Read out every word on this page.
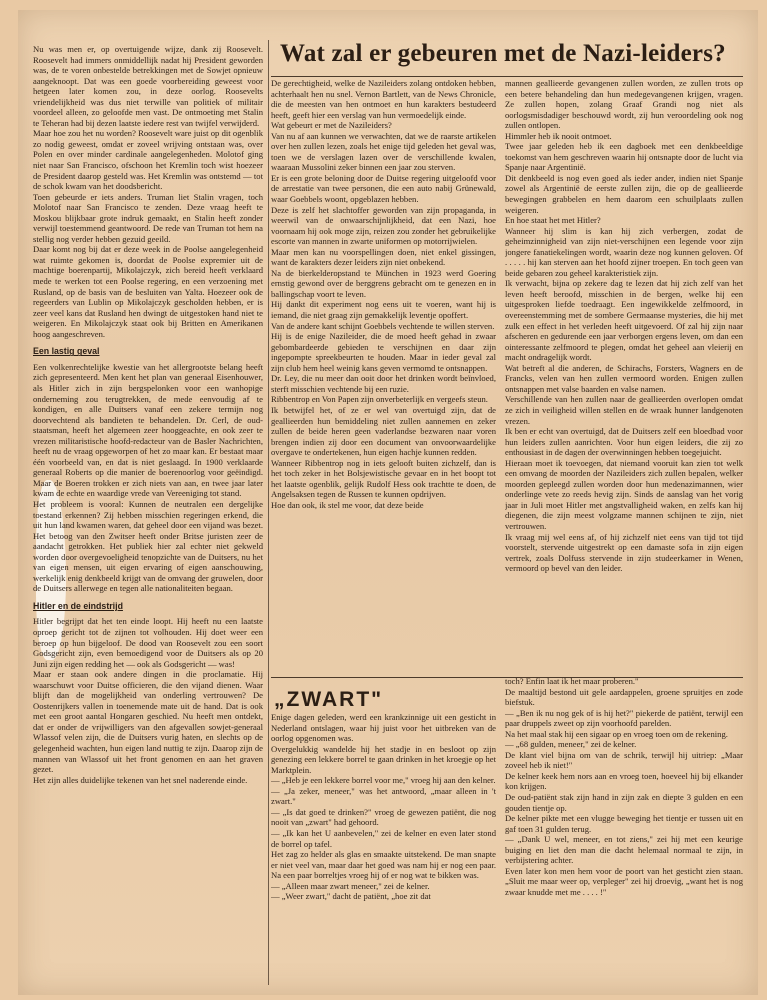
Nu was men er, op overtuigende wijze, dank zij Roosevelt. Roosevelt had immers onmiddellijk nadat hij President geworden was, de te voren onbestelde betrekkingen met de Sowjet opnieuw aangeknoopt. Dat was een goede voorbereiding geweest voor hetgeen later komen zou, in deze oorlog. Roosevelts vriendelijkheid was dus niet terwille van politiek of militair voordeel alleen, zo geloofde men vast. De ontmoeting met Stalin te Teheran had bij dezen laatste iedere rest van twijfel verwijderd.

Maar hoe zou het nu worden? Roosevelt ware juist op dit ogenblik zo nodig geweest, omdat er zoveel wrijving ontstaan was, over Polen en over minder cardinale aangelegenheden. Molotof ging niet naar San Francisco, ofschoon het Kremlin toch wist hoezeer de President daarop gesteld was. Het Kremlin was ontstemd — tot de schok kwam van het doodsbericht.

Toen gebeurde er iets anders. Truman liet Stalin vragen, toch Molotof naar San Francisco te zenden. Deze vraag heeft te Moskou blijkbaar grote indruk gemaakt, en Stalin heeft zonder verwijl toestemmend geantwoord. De rede van Truman tot hem na stellig nog verder hebben gezuid geeild.

Daar komt nog bij dat er deze week in de Poolse aangelegenheid wat ruimte gekomen is, doordat de Poolse expremier uit de machtige boerenpartij, Mikolajczyk, zich bereid heeft verklaard mede te werken tot een Poolse regering, en een verzoening met Rusland, op de basis van de besluiten van Yalta. Hoezeer ook de regeerders van Lublin op Mikolajczyk gescholden hebben, er is zeer veel kans dat Rusland hen dwingt de uitgestoken hand niet te weigeren. En Mikolajczyk staat ook bij Britten en Amerikanen hoog aangeschreven.

Een lastig geval

Een volkenrechtelijke kwestie van het allergrootste belang heeft zich gepresenteerd. Men kent het plan van generaal Eisenhouwer, als Hitler zich in zijn bergspelonken voor een wanhopige onderneming zou terugtrekken, de mede eenvoudig af te kondigen, en alle Duitsers vanaf een zekere termijn nog doorvechtend als bandieten te behandelen. Dr. Cerl, de oud-staatsman, heeft het algemeen zeer hooggeachte, en ook zeer te vrezen militaristische hoofd-redacteur van de Basler Nachrichten, heeft nu de vraag opgeworpen of het zo maar kan. Er bestaat maar één voorbeeld van, en dat is niet geslaagd. In 1900 verklaarde generaal Roberts op die manier de boerenoorlog voor geëindigd. Maar de Boeren trokken er zich niets van aan, en twee jaar later kwam de echte en waardige vrede van Vereeniging tot stand.

Het probleem is vooral: Kunnen de neutralen een dergelijke toestand erkennen? Zij hebben misschien regeringen erkend, die uit hun land kwamen waren, dat geheel door een vijand was bezet. Het betoog van den Zwitser heeft onder Britse juristen zeer de aandacht getrokken. Het publiek hier zal echter niet gekweld worden door overgevoeligheid tenopzichte van de Duitsers, nu het van eigen mensen, uit eigen ervaring of eigen aanschouwing, werkelijk enig denkbeeld krijgt van de omvang der gruwelen, door de Duitsers allerwege en tegen alle nationaliteiten begaan.

Hitler en de eindstrijd

Hitler begrijpt dat het ten einde loopt. Hij heeft nu een laatste oproep gericht tot de zijnen tot volhouden. Hij doet weer een beroep op hun bijgeloof. De dood van Roosevelt zou een soort Godsgericht zijn, even bemoedigend voor de Duitsers als op 20 Juni zijn eigen redding het — ook als Godsgericht — was!

Maar er staan ook andere dingen in die proclamatie. Hij waarschuwt voor Duitse officieren, die den vijand dienen. Waar blijft dan de mogelijkheid van onderling vertrouwen? De Oostenrijkers vallen in toenemende mate uit de hand. Dat is ook met een groot aantal Hongaren geschied. Nu heeft men ontdekt, dat er onder de vrijwilligers van den afgevallen sowjet-generaal Wlassof velen zijn, die de Duitsers vurig haten, en slechts op de gelegenheid wachten, hun eigen land nuttig te zijn. Daarop zijn de mannen van Wlassof uit het front genomen en aan het graven gezet.

Het zijn alles duidelijke tekenen van het snel naderende einde.

Wat zal er gebeuren met de Nazi-leiders?

De gerechtigheid, welke de Nazileiders zolang ontdoken hebben, achterhaalt hen nu snel. Vernon Bartlett, van de News Chronicle, die de meesten van hen ontmoet en hun karakters bestudeerd heeft, geeft hier een verslag van hun vermoedelijk einde.

Wat gebeurt er met de Nazileiders?

Van nu af aan kunnen we verwachten, dat we de raarste artikelen over hen zullen lezen, zoals het enige tijd geleden het geval was, toen we de verslagen lazen over de verschillende kwalen, waaraan Mussolini zeker binnen een jaar zou sterven.

Er is een grote beloning door de Duitse regering uitgeloofd voor de arrestatie van twee personen, die een auto nabij Grünewald, waar Goebbels woont, opgeblazen hebben.

Deze is zelf het slachtoffer geworden van zijn propaganda, in weerwil van de onwaarschijnlijkheid, dat een Nazi, hoe voornaam hij ook moge zijn, reizen zou zonder het gebruikelijke escorte van mannen in zwarte uniformen op motorrijwielen.

Maar men kan nu voorspellingen doen, niet enkel gissingen, want de karakters dezer leiders zijn niet onbekend.

Na de bierkelderopstand te München in 1923 werd Goering ernstig gewond over de berggrens gebracht om te genezen en in ballingschap voort te leven.

Hij dankt dit experiment nog eens uit te voeren, want hij is iemand, die niet graag zijn gemakkelijk leventje opoffert.

Van de andere kant schijnt Goebbels vechtende te willen sterven.

Hij is de enige Nazileider, die de moed heeft gehad in zwaar gebombardeerde gebieden te verschijnen en daar zijn ingepompte spreekbeurten te houden. Maar in ieder geval zal zijn club hem heel weinig kans geven vermomd te ontsnappen.

Dr. Ley, die nu meer dan ooit door het drinken wordt beïnvloed, sterft misschien vechtende bij een ruzie.

Ribbentrop en Von Papen zijn onverbeterlijk en vergeefs steun.

Ik betwijfel het, of ze er wel van overtuigd zijn, dat de geallieerden hun bemiddeling niet zullen aannemen en zeker zullen de beide heren geen vaderlandse bezwaren naar voren brengen indien zij door een document van onvoorwaardelijke overgave te ondertekenen, hun eigen hachje kunnen redden.

Wanneer Ribbentrop nog in iets gelooft buiten zichzelf, dan is het toch zeker in het Bolsjewistische gevaar en in het boopt tot het laatste ogenblik, gelijk Rudolf Hess ook trachtte te doen, de Angelsaksen tegen de Russen te kunnen opdrijven.

Hoe dan ook, ik stel me voor, dat deze beide

mannen geallieerde gevangenen zullen worden, ze zullen trots op een betere behandeling dan hun medegevangenen krijgen, vragen. Ze zullen hopen, zolang Graaf Grandi nog niet als oorlogsmisdadiger beschouwd wordt, zij hun veroordeling ook nog zullen ontlopen.

Himmler heb ik nooit ontmoet.

Twee jaar geleden heb ik een dagboek met een denkbeeldige toekomst van hem geschreven waarin hij ontsnapte door de lucht via Spanje naar Argentinië.

Dit denkbeeld is nog even goed als ieder ander, indien niet Spanje zowel als Argentinië de eerste zullen zijn, die op de geallieerde bewegingen grabbelen en hem daarom een schuilplaats zullen weigeren.

En hoe staat het met Hitler?

Wanneer hij slim is kan hij zich verbergen, zodat de geheimzinnigheid van zijn niet-verschijnen een legende voor zijn jongere fanatiekelingen wordt, waarin deze nog kunnen geloven. Of . . . . . hij kan sterven aan het hoofd zijner troepen. En toch geen van beide gebaren zou geheel karakteristiek zijn.

Ik verwacht, bijna op zekere dag te lezen dat hij zich zelf van het leven heeft beroofd, misschien in de bergen, welke hij een uitgesproken liefde toedraagt. Een ingewikkelde zelfmoord, in overeenstemming met de sombere Germaanse mysteries, die hij met zulk een effect in het verleden heeft uitgevoerd. Of zal hij zijn naar afscheren en gedurende een jaar verborgen ergens leven, om dan een ointeressante zelfmoord te plegen, omdat het geheel aan vleierij en macht ondragelijk wordt.

Wat betreft al die anderen, de Schirachs, Forsters, Wagners en de Francks, velen van hen zullen vermoord worden. Enigen zullen ontsnappen met valse baarden en valse namen.

Verschillende van hen zullen naar de geallieerden overlopen omdat ze zich in veiligheid willen stellen en de wraak hunner landgenoten vrezen.

Ik ben er echt van overtuigd, dat de Duitsers zelf een bloedbad voor hun leiders zullen aanrichten. Voor hun eigen leiders, die zij zo enthousiast in de dagen der overwinningen hebben toegejuicht.

Hieraan moet ik toevoegen, dat niemand vooruit kan zien tot welk een omvang de moorden der Nazileiders zich zullen bepalen, welker moorden gepleegd zullen worden door hun medenazimannen, wier onderlinge vete zo reeds hevig zijn. Sinds de aanslag van het vorig jaar in Juli moet Hitler met angstvalligheid waken, en zelfs kan hij diegenen, die zijn meest volgzame mannen schijnen te zijn, niet vertrouwen.

Ik vraag mij wel eens af, of hij zichzelf niet eens van tijd tot tijd voorstelt, stervende uitgestrekt op een damaste sofa in zijn eigen vertrek, zoals Dolfuss stervende in zijn studeerkamer in Wenen, vermoord op bevel van den leider.

„ZWART"

Enige dagen geleden, werd een krankzinnige uit een gesticht in Nederland ontslagen, waar hij juist voor het uitbreken van de oorlog opgenomen was.

Overgelukkig wandelde hij het stadje in en besloot op zijn genezing een lekkere borrel te gaan drinken in het kroegje op het Marktplein.

— „Heb je een lekkere borrel voor me," vroeg hij aan den kelner.

— „Ja zeker, meneer," was het antwoord, „maar alleen in 't zwart."

— „Is dat goed te drinken?" vroeg de gewezen patiënt, die nog nooit van „zwart" had gehoord.

— „Ik kan het U aanbevelen," zei de kelner en even later stond de borrel op tafel.

Het zag zo helder als glas en smaakte uitstekend. De man snapte er niet veel van, maar daar het goed was nam hij er nog een paar. Na een paar borreltjes vroeg hij of er nog wat te bikken was.

— „Alleen maar zwart meneer," zei de kelner.

— „Weer zwart," dacht de patiënt, „hoe zit dat

toch? Enfin laat ik het maar proberen."

De maaltijd bestond uit gele aardappelen, groene spruitjes en zode biefstuk.

— „Ben ik nu nog gek of is hij het?" piekerde de patiënt, terwijl een paar druppels zweet op zijn voorhoofd parelden.

Na het maal stak hij een sigaar op en vroeg toen om de rekening.

— „68 gulden, meneer," zei de kelner.

De klant viel bijna om van de schrik, terwijl hij uitriep: „Maar zoveel heb ik niet!"

De kelner keek hem nors aan en vroeg toen, hoeveel hij bij elkander kon krijgen.

De oud-patiënt stak zijn hand in zijn zak en diepte 3 gulden en een gouden tientje op.

De kelner pikte met een vlugge beweging het tientje er tussen uit en gaf toen 31 gulden terug.

— „Dank U wel, meneer, en tot ziens," zei hij met een keurige buiging en liet den man die dacht helemaal normaal te zijn, in verbijstering achter.

Even later kon men hem voor de poort van het gesticht zien staan. „Sluit me maar weer op, verpleger" zei hij droevig, „want het is nog zwaar knudde met me . . . . !"
